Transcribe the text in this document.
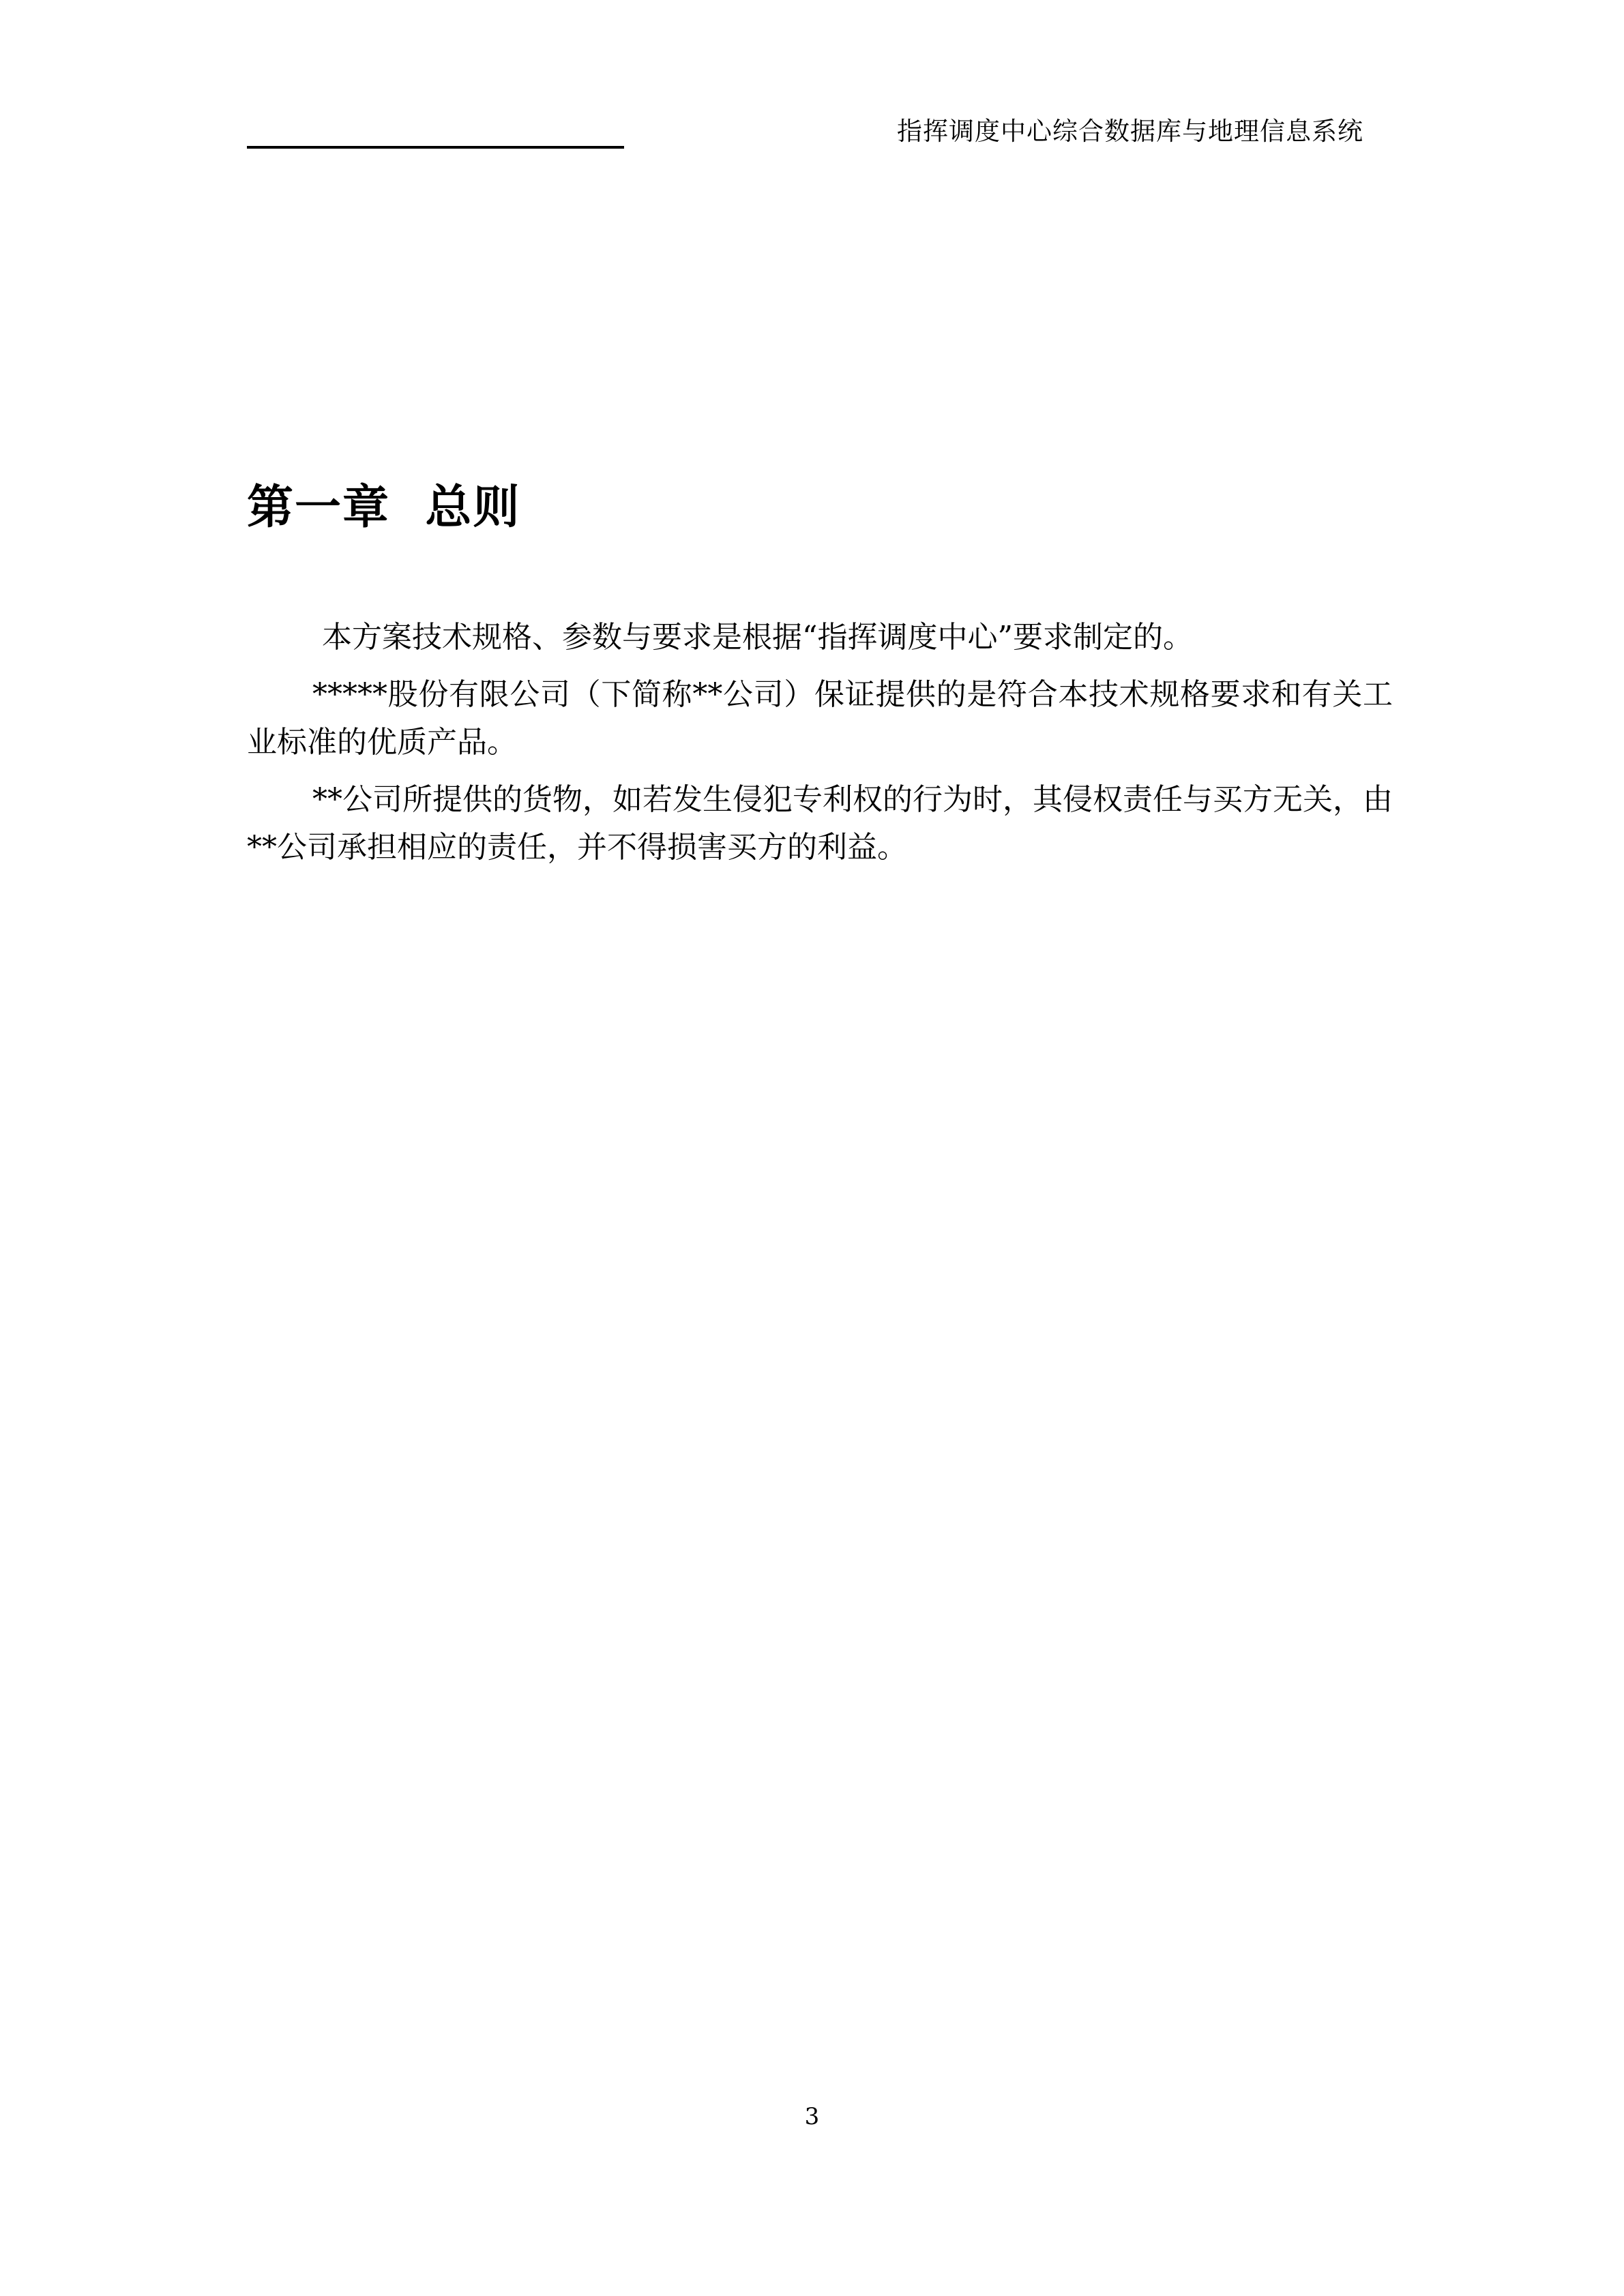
指挥调度中心综合数据库与地理信息系统
第一章  总则

本方案技术规格、参数与要求是根据“指挥调度中心”要求制定的。

*****股份有限公司（下简称**公司）保证提供的是符合本技术规格要求和有关工业标准的优质产品。

**公司所提供的货物，如若发生侵犯专利权的行为时，其侵权责任与买方无关，由**公司承担相应的责任，并不得损害买方的利益。

3
